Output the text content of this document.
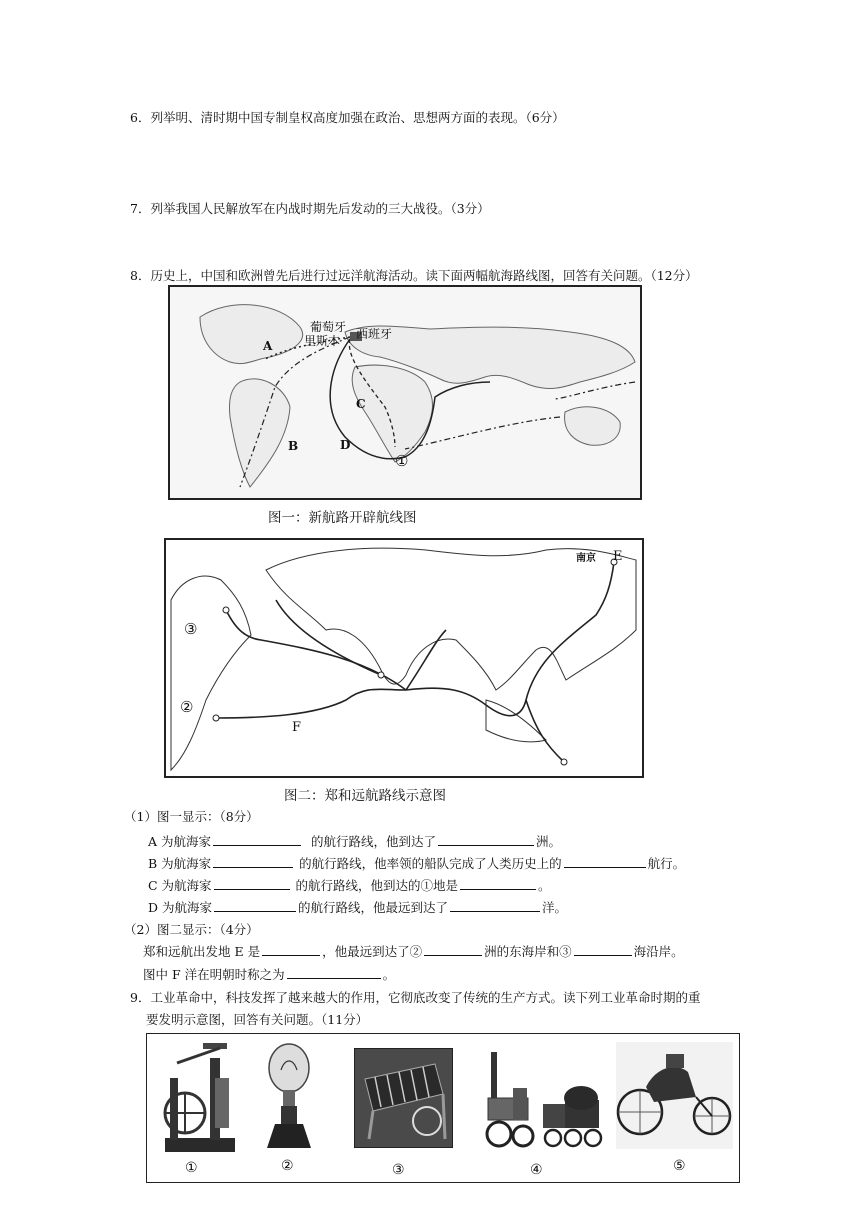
6．列举明、清时期中国专制皇权高度加强在政治、思想两方面的表现。（6分）
7．列举我国人民解放军在内战时期先后发动的三大战役。（3分）
8．历史上，中国和欧洲曾先后进行过远洋航海活动。读下面两幅航海路线图，回答有关问题。（12分）
葡萄牙
里斯本 西班牙
A
B
C
D
①
图一：新航路开辟航线图
南京 E
③
②
F
图二：郑和远航路线示意图
（1）图一显示：（8分）
A 为航海家	的航行路线，他到达了	洲。
B 为航海家	的航行路线，他率领的船队完成了人类历史上的	航行。
C 为航海家	的航行路线，他到达的①地是	。
D 为航海家	的航行路线，他最远到达了	洋。
（2）图二显示：（4分）
郑和远航出发地 E 是	，他最远到达了②	洲的东海岸和③	海沿岸。
图中 F 洋在明朝时称之为	。
9．工业革命中，科技发挥了越来越大的作用，它彻底改变了传统的生产方式。读下列工业革命时期的重
要发明示意图，回答有关问题。（11分）
①	②	③	④	⑤
